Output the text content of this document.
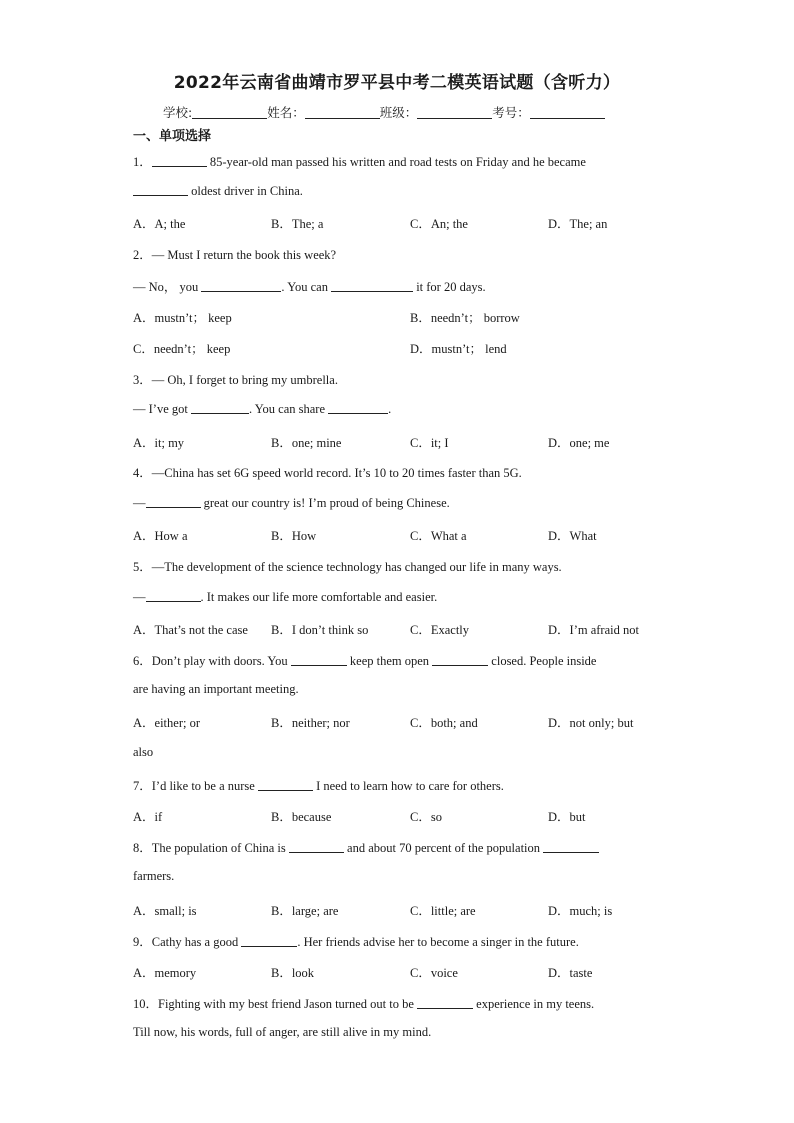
2022年云南省曲靖市罗平县中考二模英语试题（含听力）
学校:	姓名：	班级：	考号：
一、单项选择
1．	85-year-old man passed his written and road tests on Friday and he became
oldest driver in China.
A．A; the	B．The; a	C．An; the	D．The; an
2．— Must I return the book this week?
— No， you	. You can	it for 20 days.
A．mustn’t； keep	B．needn’t； borrow
C．needn’t； keep	D．mustn’t； lend
3．— Oh, I forget to bring my umbrella.
— I’ve got	. You can share	.
A．it; my	B．one; mine	C．it; I	D．one; me
4．—China has set 6G speed world record. It’s 10 to 20 times faster than 5G.
—	great our country is! I’m proud of being Chinese.
A．How a	B．How	C．What a	D．What
5．—The development of the science technology has changed our life in many ways.
—	. It makes our life more comfortable and easier.
A．That’s not the case B．I don’t think so	C．Exactly	D．I’m afraid not
6．Don’t play with doors. You	keep them open	closed. People inside
are having an important meeting.
A．either; or	B．neither; nor	C．both; and	D．not only; but
also
7．I’d like to be a nurse	I need to learn how to care for others.
A．if	B．because	C．so	D．but
8．The population of China is	and about 70 percent of the population
farmers.
A．small; is	B．large; are	C．little; are	D．much; is
9．Cathy has a good	. Her friends advise her to become a singer in the future.
A．memory	B．look	C．voice	D．taste
10．Fighting with my best friend Jason turned out to be	experience in my teens.
Till now, his words, full of anger, are still alive in my mind.
